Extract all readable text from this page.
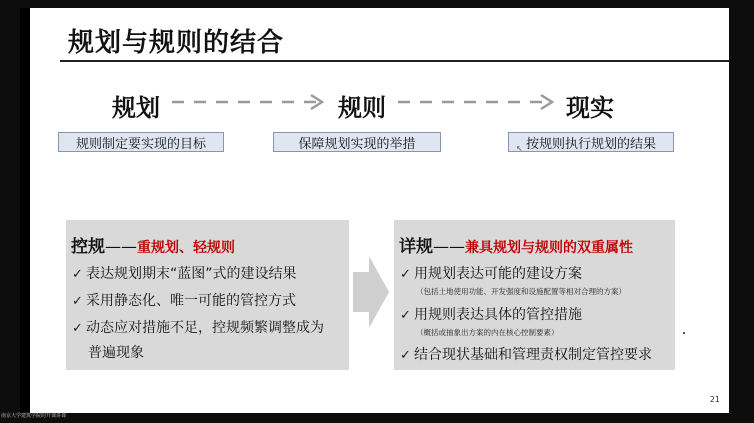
规划与规则的结合
规划	规则	现实
规则制定要实现的目标	保障规划实现的举措	按规则执行规划的结果
↖
控规——重规划、轻规则
✓ 表达规划期末“蓝图”式的建设结果
✓ 采用静态化、唯一可能的管控方式
✓ 动态应对措施不足，控规频繁调整成为
普遍现象
详规——兼具规划与规则的双重属性
✓ 用规划表达可能的建设方案
（包括土地使用功能、开发强度和设施配置等相对合理的方案）
✓ 用规则表达具体的管控措施
（概括或抽象出方案的内在核心控制要素）
✓ 结合现状基础和管理责权制定管控要求
21
南京大学建筑学院的开课讲课
